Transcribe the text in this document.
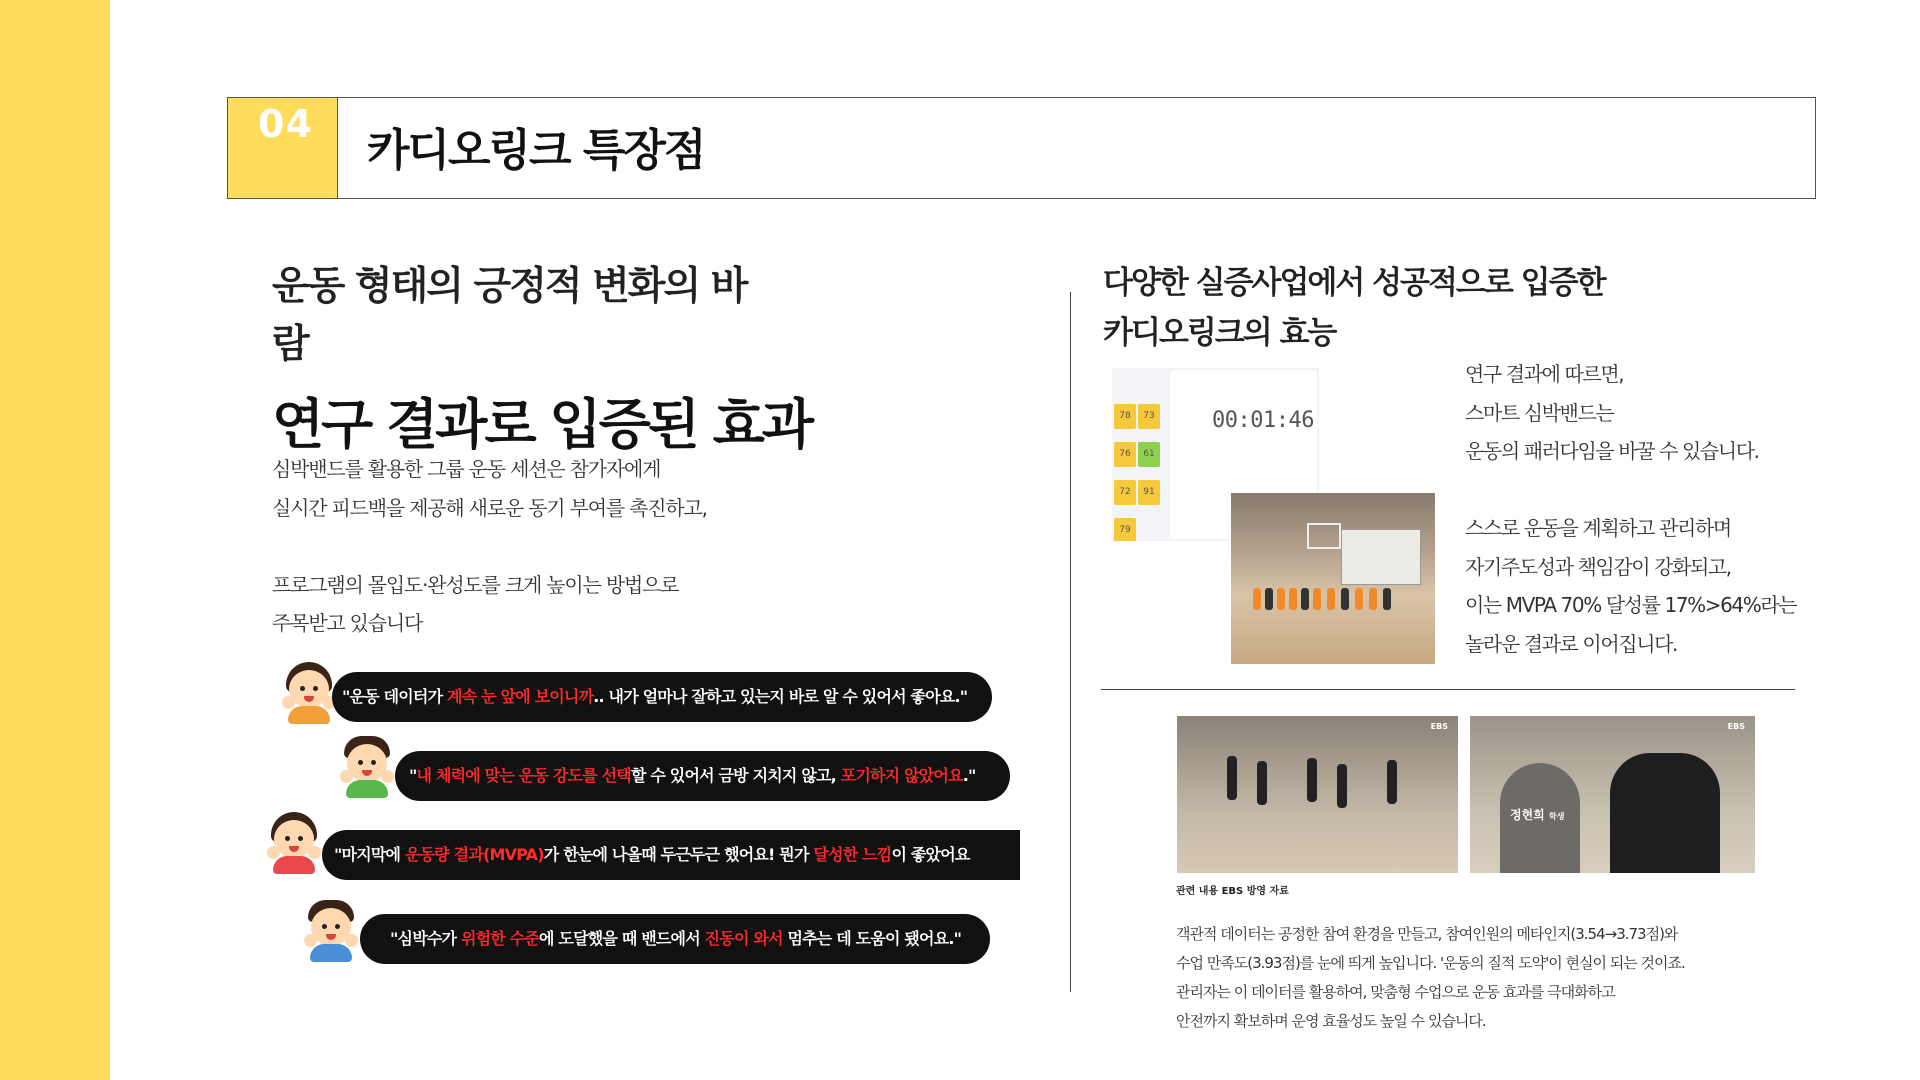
04
카디오링크 특장점
운동 형태의 긍정적 변화의 바
람
연구 결과로 입증된 효과

심박밴드를 활용한 그룹 운동 세션은 참가자에게

실시간 피드백을 제공해 새로운 동기 부여를 촉진하고,

프로그램의 몰입도·완성도를 크게 높이는 방법으로

주목받고 있습니다

"운동 데이터가 계속 눈 앞에 보이니까.. 내가 얼마나 잘하고 있는지 바로 알 수 있어서 좋아요."
"내 체력에 맞는 운동 강도를 선택할 수 있어서 금방 지치지 않고, 포기하지 않았어요."
"마지막에 운동량 결과(MVPA)가 한눈에 나올때 두근두근 했어요! 뭔가 달성한 느낌이 좋았어요
"심박수가 위험한 수준에 도달했을 때 밴드에서 진동이 와서 멈추는 데 도움이 됐어요."

다양한 실증사업에서 성공적으로 입증한

카디오링크의 효능

78	73
76	61
72	91
79
00:01:46

연구 결과에 따르면,

스마트 심박밴드는

운동의 패러다임을 바꿀 수 있습니다.

스스로 운동을 계획하고 관리하며

자기주도성과 책임감이 강화되고,

이는 MVPA 70% 달성률 17%>64%라는

놀라운 결과로 이어집니다.

EBS	EBS
정현희 학생
관련 내용 EBS 방영 자료

객관적 데이터는 공정한 참여 환경을 만들고, 참여인원의 메타인지(3.54→3.73점)와

수업 만족도(3.93점)를 눈에 띄게 높입니다. '운동의 질적 도약'이 현실이 되는 것이죠.

관리자는 이 데이터를 활용하여, 맞춤형 수업으로 운동 효과를 극대화하고

안전까지 확보하며 운영 효율성도 높일 수 있습니다.
